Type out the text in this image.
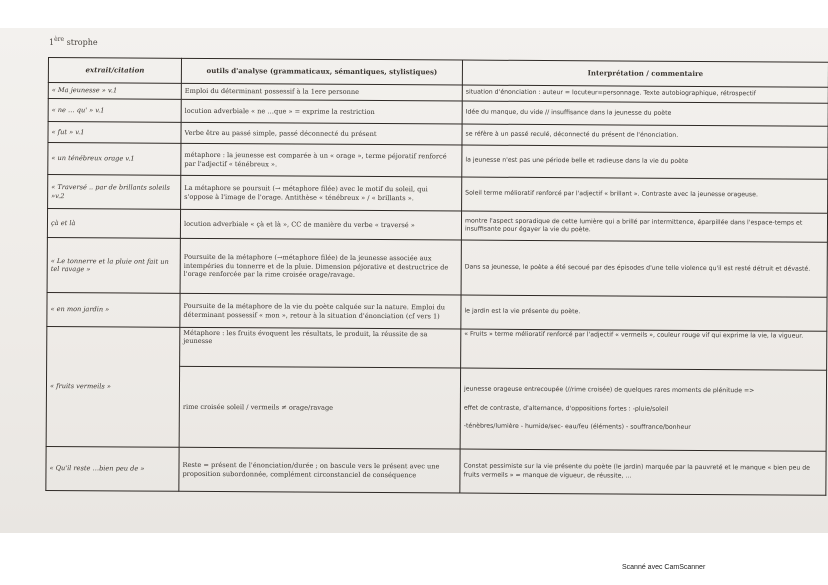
1ère strophe
extrait/citation	outils d'analyse (grammaticaux, sémantiques, stylistiques)	Interprétation / commentaire
« Ma jeunesse » v.1	Emploi du déterminant possessif à la 1ere personne	situation d'énonciation : auteur = locuteur=personnage. Texte autobiographique, rétrospectif
« ne … qu' » v.1	locution adverbiale « ne …que » = exprime la restriction	Idée du manque, du vide // insuffisance dans la jeunesse du poète
« fut » v.1	Verbe être au passé simple, passé déconnecté du présent	se réfère à un passé reculé, déconnecté du présent de l'énonciation.
« un ténébreux orage v.1	métaphore : la jeunesse est comparée à un « orage », terme péjoratif renforcé par l'adjectif « ténébreux ».	la jeunesse n'est pas une période belle et radieuse dans la vie du poète
« Traversé .. par de brillants soleils »v.2	La métaphore se poursuit (→ métaphore filée) avec le motif du soleil, qui s'oppose à l'image de l'orage. Antithèse « ténébreux » / « brillants ».	Soleil terme mélioratif renforcé par l'adjectif « brillant ». Contraste avec la jeunesse orageuse.
çà et là	locution adverbiale « çà et là », CC de manière du verbe « traversé »	montre l'aspect sporadique de cette lumière qui a brillé par intermittence, éparpillée dans l'espace-temps et insuffisante pour égayer la vie du poète.
« Le tonnerre et la pluie ont fait un tel ravage »	Poursuite de la métaphore (→métaphore filée) de la jeunesse associée aux intempéries du tonnerre et de la pluie. Dimension péjorative et destructrice de l'orage renforcée par la rime croisée orage/ravage.	Dans sa jeunesse, le poète a été secoué par des épisodes d'une telle violence qu'il est resté détruit et dévasté.
« en mon jardin »	Poursuite de la métaphore de la vie du poète calquée sur la nature. Emploi du déterminant possessif « mon », retour à la situation d'énonciation (cf vers 1)	le jardin est la vie présente du poète.
« fruits vermeils »	Métaphore : les fruits évoquent les résultats, le produit, la réussite de sa jeunesse	« Fruits » terme mélioratif renforcé par l'adjectif « vermeils », couleur rouge vif qui exprime la vie, la vigueur.
	rime croisée soleil / vermeils ≠ orage/ravage	jeunesse orageuse entrecoupée (//rime croisée) de quelques rares moments de plénitude =>
effet de contraste, d'alternance, d'oppositions fortes : -pluie/soleil
-ténèbres/lumière - humide/sec- eau/feu (éléments) - souffrance/bonheur
« Qu'il reste …bien peu de »	Reste = présent de l'énonciation/durée ; on bascule vers le présent avec une proposition subordonnée, complément circonstanciel de conséquence	Constat pessimiste sur la vie présente du poète (le jardin) marquée par la pauvreté et le manque « bien peu de fruits vermeils » = manque de vigueur, de réussite, …
Scanné avec CamScanner
